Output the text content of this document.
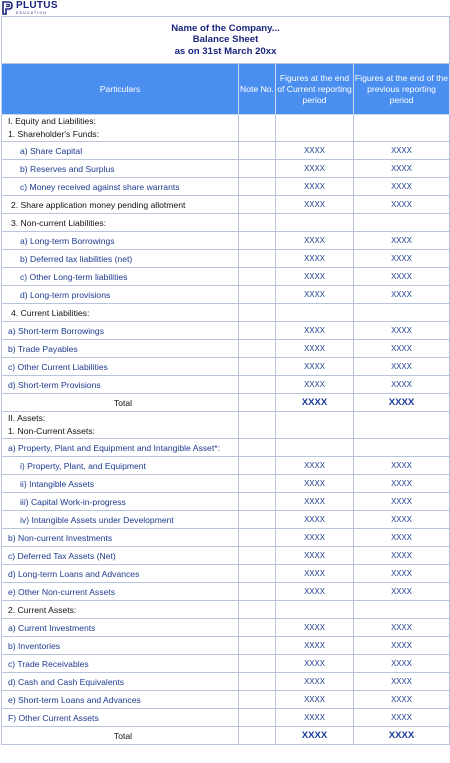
PLUTUS
EDUCATION
Name of the Company...
Balance Sheet
as on 31st March 20xx			

Particulars	Note No.	Figures at the end of Current reporting period	Figures at the end of the previous reporting period

I. Equity and Liabilities:
1. Shareholder's Funds:			

a) Share Capital		XXXX	XXXX
b) Reserves and Surplus		XXXX	XXXX
c) Money received against share warrants		XXXX	XXXX
2. Share application money pending allotment		XXXX	XXXX
3. Non-current Liabilities:			
a) Long-term Borrowings		XXXX	XXXX
b) Deferred tax liabilities (net)		XXXX	XXXX
c) Other Long-term liabilities		XXXX	XXXX
d) Long-term provisions		XXXX	XXXX
4. Current Liabilities:			
a) Short-term Borrowings		XXXX	XXXX
b) Trade Payables		XXXX	XXXX
c) Other Current Liabilities		XXXX	XXXX
d) Short-term Provisions		XXXX	XXXX
Total		XXXX	XXXX

II. Assets:
1. Non-Current Assets:			

a) Property, Plant and Equipment and Intangible Asset*:			
i) Property, Plant, and Equipment		XXXX	XXXX
ii) Intangible Assets		XXXX	XXXX
iii) Capital Work-in-progress		XXXX	XXXX
iv) Intangible Assets under Development		XXXX	XXXX
b) Non-current Investments		XXXX	XXXX
c) Deferred Tax Assets (Net)		XXXX	XXXX
d) Long-term Loans and Advances		XXXX	XXXX
e) Other Non-current Assets		XXXX	XXXX
2. Current Assets:			
a) Current Investments		XXXX	XXXX
b) Inventories		XXXX	XXXX
c) Trade Receivables		XXXX	XXXX
d) Cash and Cash Equivalents		XXXX	XXXX
e) Short-term Loans and Advances		XXXX	XXXX
F) Other Current Assets		XXXX	XXXX
Total		XXXX	XXXX
